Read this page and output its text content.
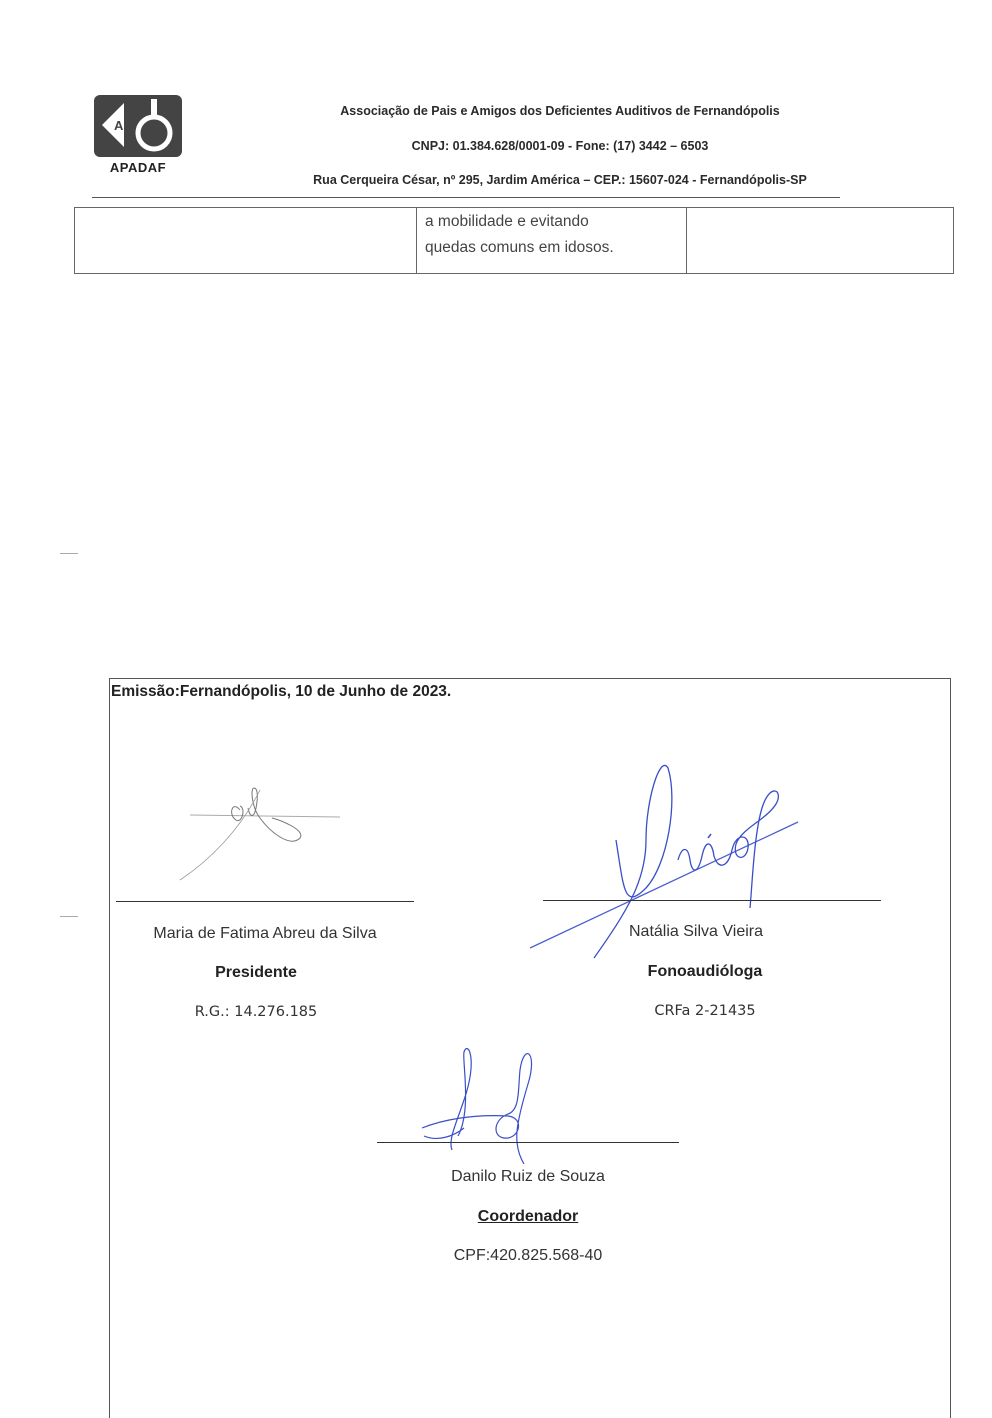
A
APADAF
Associação de Pais e Amigos dos Deficientes Auditivos de Fernandópolis
CNPJ: 01.384.628/0001-09 - Fone: (17) 3442 – 6503
Rua Cerqueira César, nº 295, Jardim América – CEP.: 15607-024 - Fernandópolis-SP

a mobilidade e evitando
quedas comuns em idosos.

Emissão:Fernandópolis, 10 de Junho de 2023.
Maria de Fatima Abreu da Silva
Presidente
R.G.: 14.276.185
Natália Silva Vieira
Fonoaudióloga
CRFa 2-21435
Danilo Ruiz de Souza
Coordenador
CPF:420.825.568-40
